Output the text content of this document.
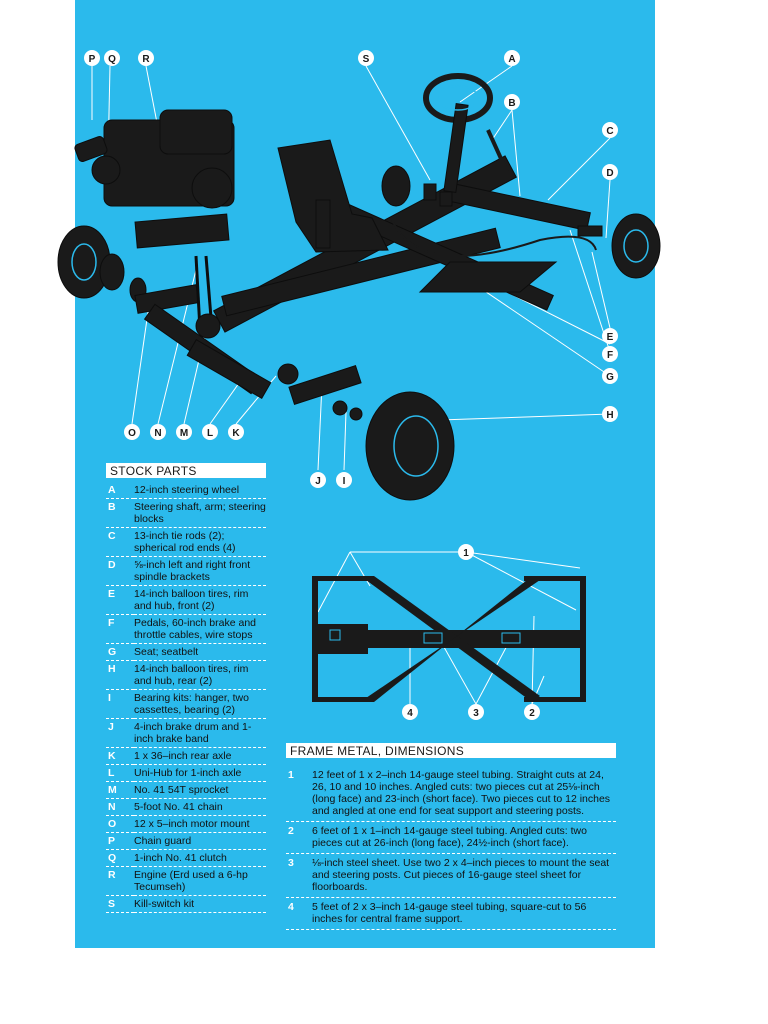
P Q	R	S	A
B
C
D
E
F
G
H
O N M L K
J I
1
4	3	2
STOCK PARTS
A	12-inch steering wheel
B	Steering shaft, arm; steering blocks
C	13-inch tie rods (2); spherical rod ends (4)
D	⅝-inch left and right front spindle brackets
E	14-inch balloon tires, rim and hub, front (2)
F	Pedals, 60-inch brake and throttle cables, wire stops
G	Seat; seatbelt
H	14-inch balloon tires, rim and hub, rear (2)
I	Bearing kits: hanger, two cassettes, bearing (2)
J	4-inch brake drum and 1-inch brake band
K	1 x 36–inch rear axle
L	Uni-Hub for 1-inch axle
M	No. 41 54T sprocket
N	5-foot No. 41 chain
O	12 x 5–inch motor mount
P	Chain guard
Q	1-inch No. 41 clutch
R	Engine (Erd used a 6-hp Tecumseh)
S	Kill-switch kit
FRAME METAL, DIMENSIONS
1	12 feet of 1 x 2–inch 14-gauge steel tubing. Straight cuts at 24, 26, 10 and 10 inches. Angled cuts: two pieces cut at 25⅛-inch (long face) and 23-inch (short face). Two pieces cut to 12 inches and angled at one end for seat support and steering posts.
2	6 feet of 1 x 1–inch 14-gauge steel tubing. Angled cuts: two pieces cut at 26-inch (long face), 24½-inch (short face).
3	⅛-inch steel sheet. Use two 2 x 4–inch pieces to mount the seat and steering posts. Cut pieces of 16-gauge steel sheet for floorboards.
4	5 feet of 2 x 3–inch 14-gauge steel tubing, square-cut to 56 inches for central frame support.
